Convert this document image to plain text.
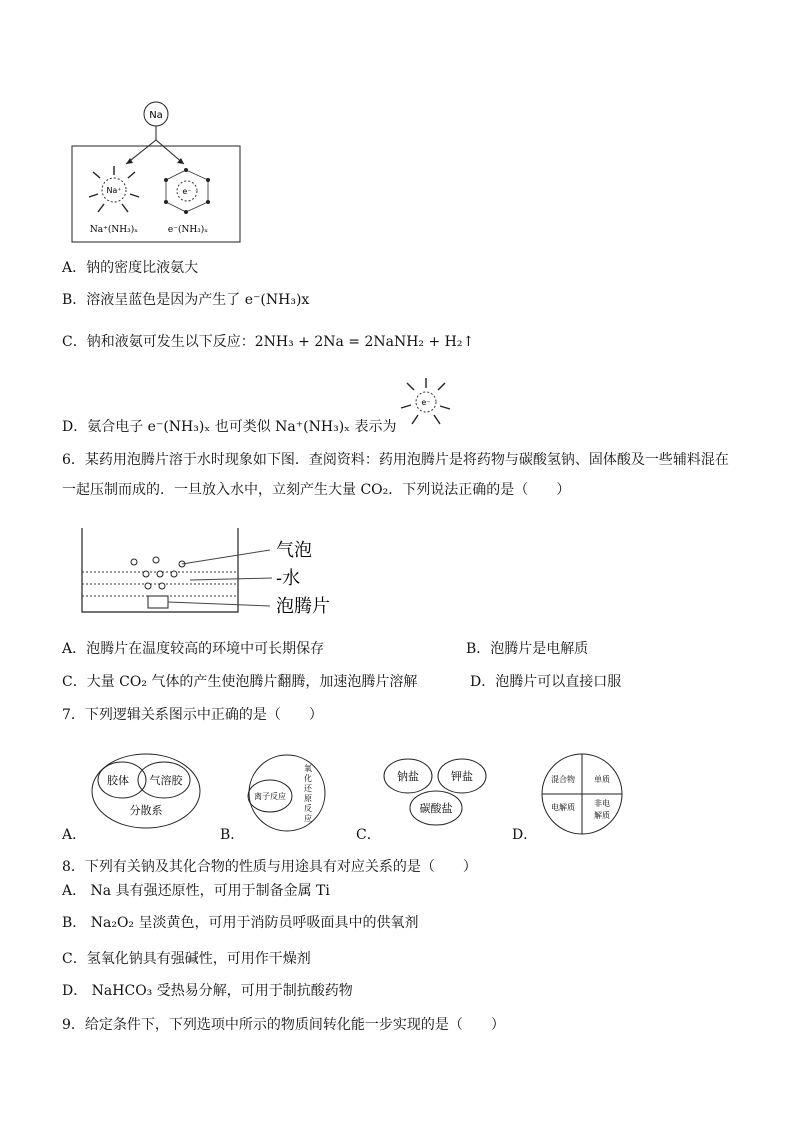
Na
Na⁺	e⁻
Na⁺(NH₃)ₓ	e⁻(NH₃)ₓ
A．钠的密度比液氨大
B．溶液呈蓝色是因为产生了 e⁻(NH₃)x
C．钠和液氨可发生以下反应：2NH₃ + 2Na = 2NaNH₂ + H₂↑
D．氨合电子 e⁻(NH₃)ₓ 也可类似 Na⁺(NH₃)ₓ 表示为
e⁻
6．某药用泡腾片溶于水时现象如下图．查阅资料：药用泡腾片是将药物与碳酸氢钠、固体酸及一些辅料混在
一起压制而成的．一旦放入水中，立刻产生大量 CO₂．下列说法正确的是（　　）
气泡
-水
泡腾片
A．泡腾片在温度较高的环境中可长期保存	B．泡腾片是电解质
C．大量 CO₂ 气体的产生使泡腾片翻腾，加速泡腾片溶解	D．泡腾片可以直接口服
7．下列逻辑关系图示中正确的是（　　）
胶体 气溶胶
分散系
离子反应
氧
化
还
原
反
应
钠盐	钾盐
碳酸盐
混合物 单质
电解质 非电
解质
A．	B．	C．	D．
8．下列有关钠及其化合物的性质与用途具有对应关系的是（　　）
A． Na 具有强还原性，可用于制备金属 Ti
B． Na₂O₂ 呈淡黄色，可用于消防员呼吸面具中的供氧剂
C．氢氧化钠具有强碱性，可用作干燥剂
D． NaHCO₃ 受热易分解，可用于制抗酸药物
9．给定条件下，下列选项中所示的物质间转化能一步实现的是（　　）
